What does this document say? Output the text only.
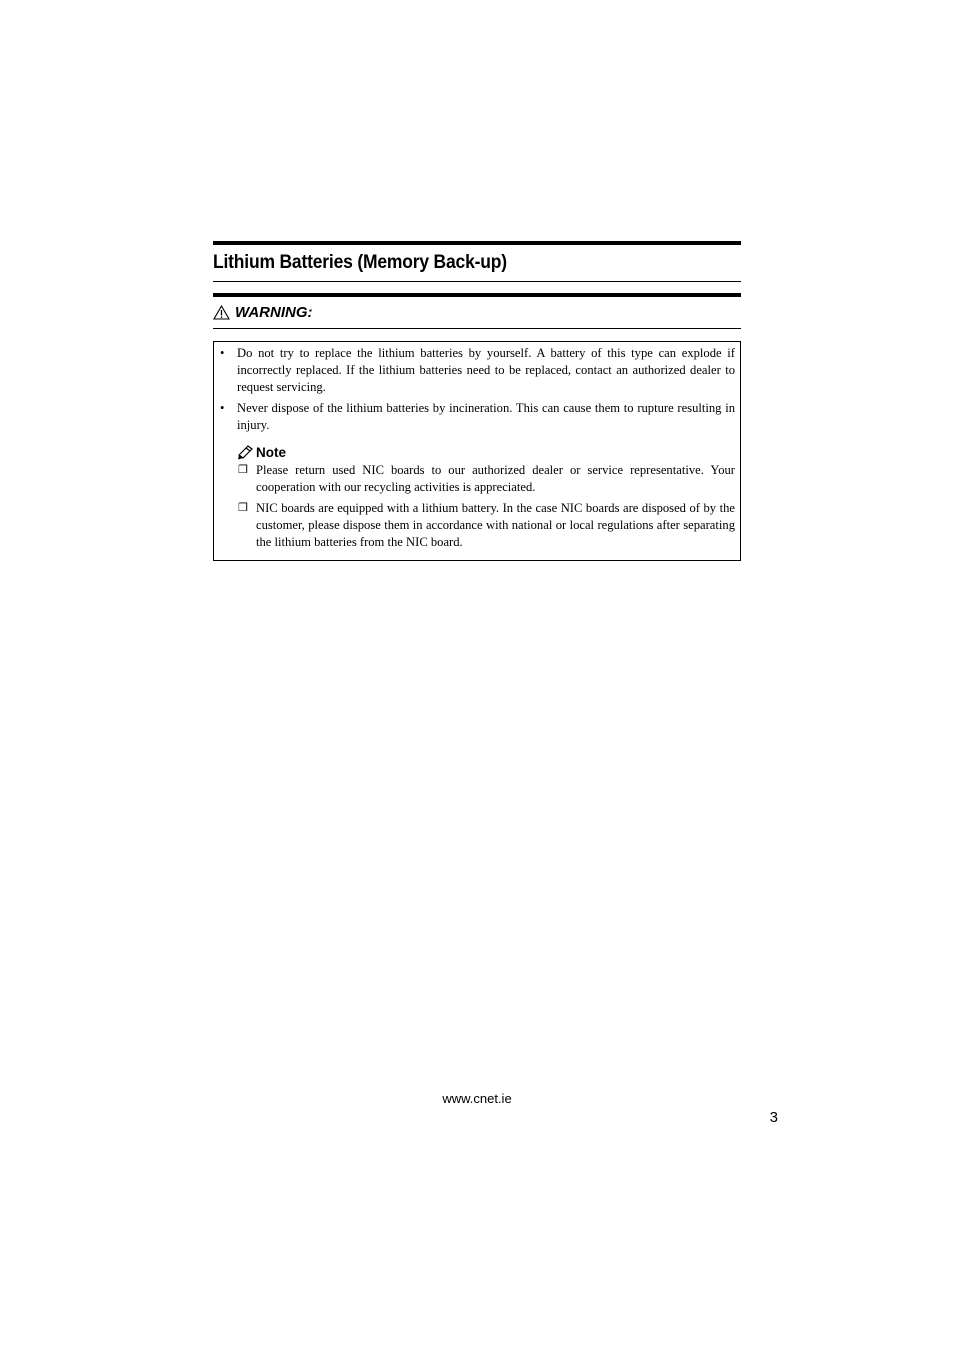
Lithium Batteries (Memory Back-up)
WARNING:
• Do not try to replace the lithium batteries by yourself. A battery of this type can explode if incorrectly replaced. If the lithium batteries need to be replaced, contact an authorized dealer to request servicing.
• Never dispose of the lithium batteries by incineration. This can cause them to rupture resulting in injury.
Note
❒ Please return used NIC boards to our authorized dealer or service representative. Your cooperation with our recycling activities is appreciated.
❒ NIC boards are equipped with a lithium battery. In the case NIC boards are disposed of by the customer, please dispose them in accordance with national or local regulations after separating the lithium batteries from the NIC board.
www.cnet.ie
3
